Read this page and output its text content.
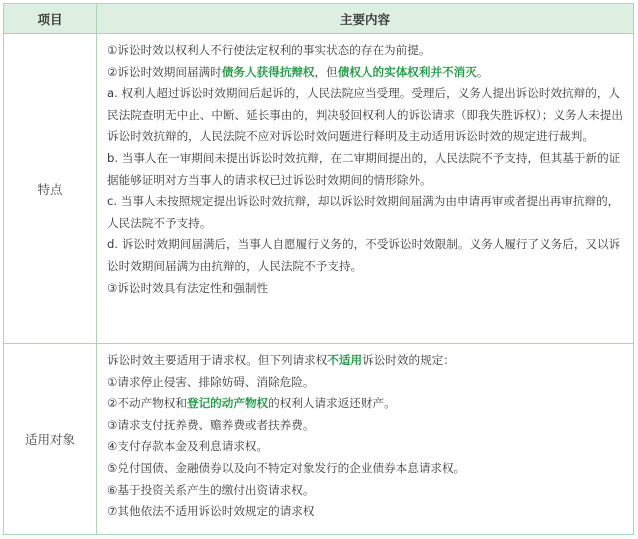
项目	主要内容
特点

①诉讼时效以权利人不行使法定权利的事实状态的存在为前提。

②诉讼时效期间届满时债务人获得抗辩权，但债权人的实体权利并不消灭。

a. 权利人超过诉讼时效期间后起诉的，人民法院应当受理。受理后，义务人提出诉讼时效抗辩的，人民法院查明无中止、中断、延长事由的，判决驳回权利人的诉讼请求（即我失胜诉权）；义务人未提出诉讼时效抗辩的，人民法院不应对诉讼时效问题进行释明及主动适用诉讼时效的规定进行裁判。

b. 当事人在一审期间未提出诉讼时效抗辩，在二审期间提出的，人民法院不予支持，但其基于新的证据能够证明对方当事人的请求权已过诉讼时效期间的情形除外。

c. 当事人未按照规定提出诉讼时效抗辩，却以诉讼时效期间届满为由申请再审或者提出再审抗辩的，人民法院不予支持。

d. 诉讼时效期间届满后，当事人自愿履行义务的，不受诉讼时效限制。义务人履行了义务后，又以诉讼时效期间届满为由抗辩的，人民法院不予支持。

③诉讼时效具有法定性和强制性

适用对象

诉讼时效主要适用于请求权。但下列请求权不适用诉讼时效的规定：

①请求停止侵害、排除妨碍、消除危险。

②不动产物权和登记的动产物权的权利人请求返还财产。

③请求支付抚养费、赡养费或者扶养费。

④支付存款本金及利息请求权。

⑤兑付国债、金融债券以及向不特定对象发行的企业债券本息请求权。

⑥基于投资关系产生的缴付出资请求权。

⑦其他依法不适用诉讼时效规定的请求权
